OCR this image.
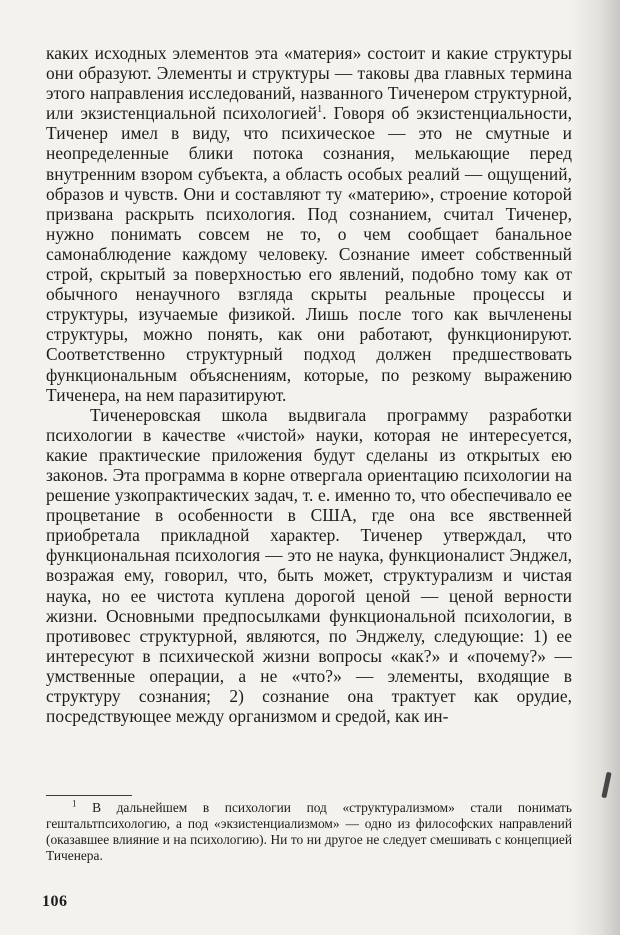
каких исходных элементов эта «материя» состоит и какие структуры они образуют. Элементы и структуры — таковы два главных термина этого направления исследований, названного Тиченером структурной, или экзистенциальной психологией$^1$. Говоря об экзистенциальности, Тиченер имел в виду, что психическое — это не смутные и неопределенные блики потока сознания, мелькающие перед внутренним взором субъекта, а область особых реалий — ощущений, образов и чувств. Они и составляют ту «материю», строение которой призвана раскрыть психология. Под сознанием, считал Тиченер, нужно понимать совсем не то, о чем сообщает банальное самонаблюдение каждому человеку. Сознание имеет собственный строй, скрытый за поверхностью его явлений, подобно тому как от обычного ненаучного взгляда скрыты реальные процессы и структуры, изучаемые физикой. Лишь после того как вычленены структуры, можно понять, как они работают, функционируют. Соответственно структурный подход должен предшествовать функциональным объяснениям, которые, по резкому выражению Тиченера, на нем паразитируют.

Тиченеровская школа выдвигала программу разработки психологии в качестве «чистой» науки, которая не интересуется, какие практические приложения будут сделаны из открытых ею законов. Эта программа в корне отвергала ориентацию психологии на решение узкопрактических задач, т. е. именно то, что обеспечивало ее процветание в особенности в США, где она все явственней приобретала прикладной характер. Тиченер утверждал, что функциональная психология — это не наука, функционалист Энджел, возражая ему, говорил, что, быть может, структурализм и чистая наука, но ее чистота куплена дорогой ценой — ценой верности жизни. Основными предпосылками функциональной психологии, в противовес структурной, являются, по Энджелу, следующие: 1) ее интересуют в психической жизни вопросы «как?» и «почему?» — умственные операции, а не «что?» — элементы, входящие в структуру сознания; 2) сознание она трактует как орудие, посредствующее между организмом и средой, как ин-

$^1$ В дальнейшем в психологии под «структурализмом» стали понимать гештальтпсихологию, а под «экзистенциализмом» — одно из философских направлений (оказавшее влияние и на психологию). Ни то ни другое не следует смешивать с концепцией Тиченера.

106
